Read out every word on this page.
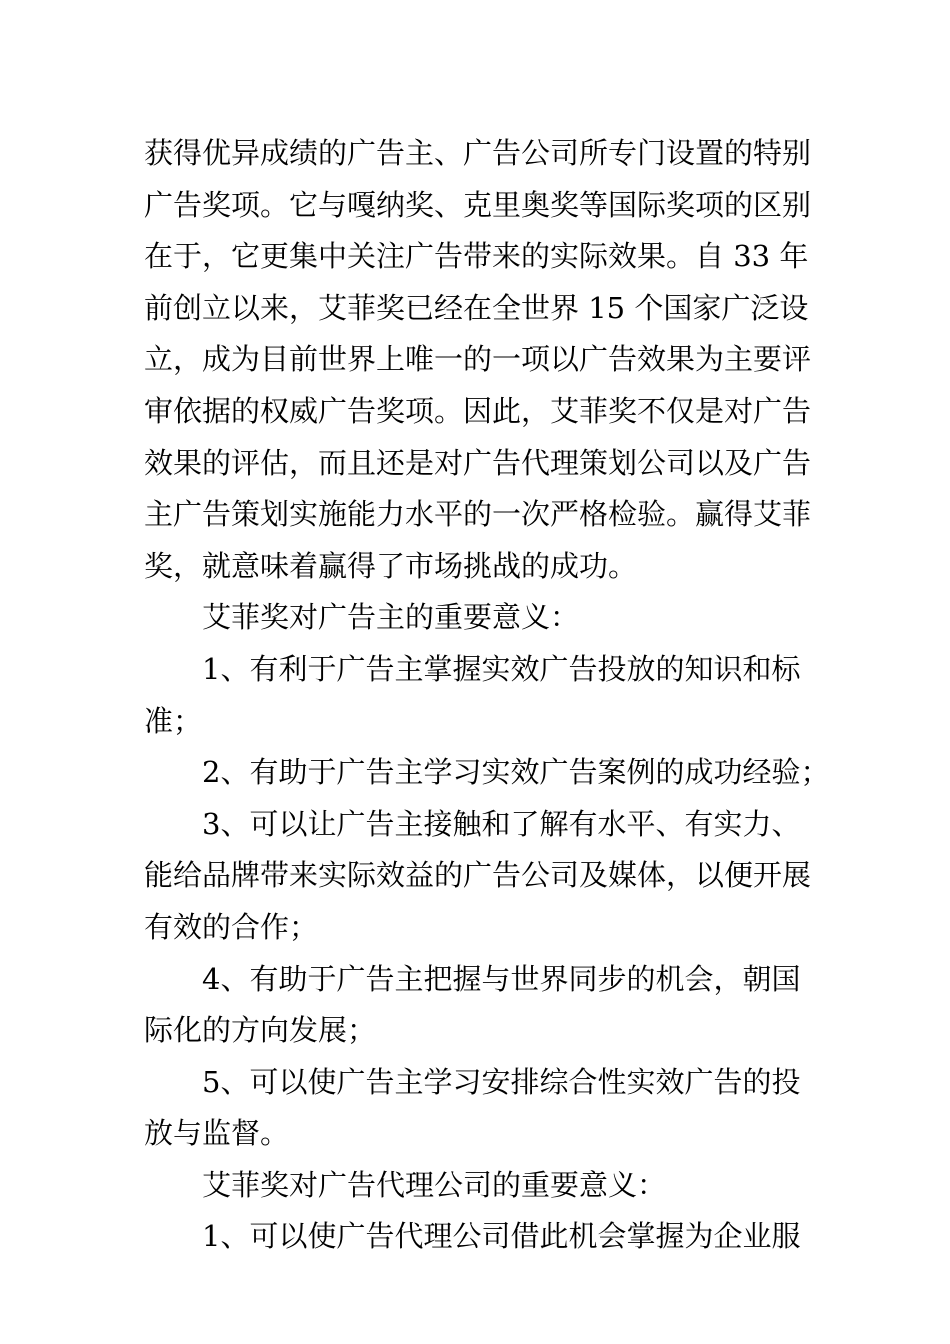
获得优异成绩的广告主、广告公司所专门设置的特别
广告奖项。它与嘎纳奖、克里奥奖等国际奖项的区别
在于，它更集中关注广告带来的实际效果。自 33 年
前创立以来，艾菲奖已经在全世界 15 个国家广泛设
立，成为目前世界上唯一的一项以广告效果为主要评
审依据的权威广告奖项。因此，艾菲奖不仅是对广告
效果的评估，而且还是对广告代理策划公司以及广告
主广告策划实施能力水平的一次严格检验。赢得艾菲
奖，就意味着赢得了市场挑战的成功。
艾菲奖对广告主的重要意义：
1、有利于广告主掌握实效广告投放的知识和标
准；
2、有助于广告主学习实效广告案例的成功经验；
3、可以让广告主接触和了解有水平、有实力、
能给品牌带来实际效益的广告公司及媒体，以便开展
有效的合作；
4、有助于广告主把握与世界同步的机会，朝国
际化的方向发展；
5、可以使广告主学习安排综合性实效广告的投
放与监督。
艾菲奖对广告代理公司的重要意义：
1、可以使广告代理公司借此机会掌握为企业服
